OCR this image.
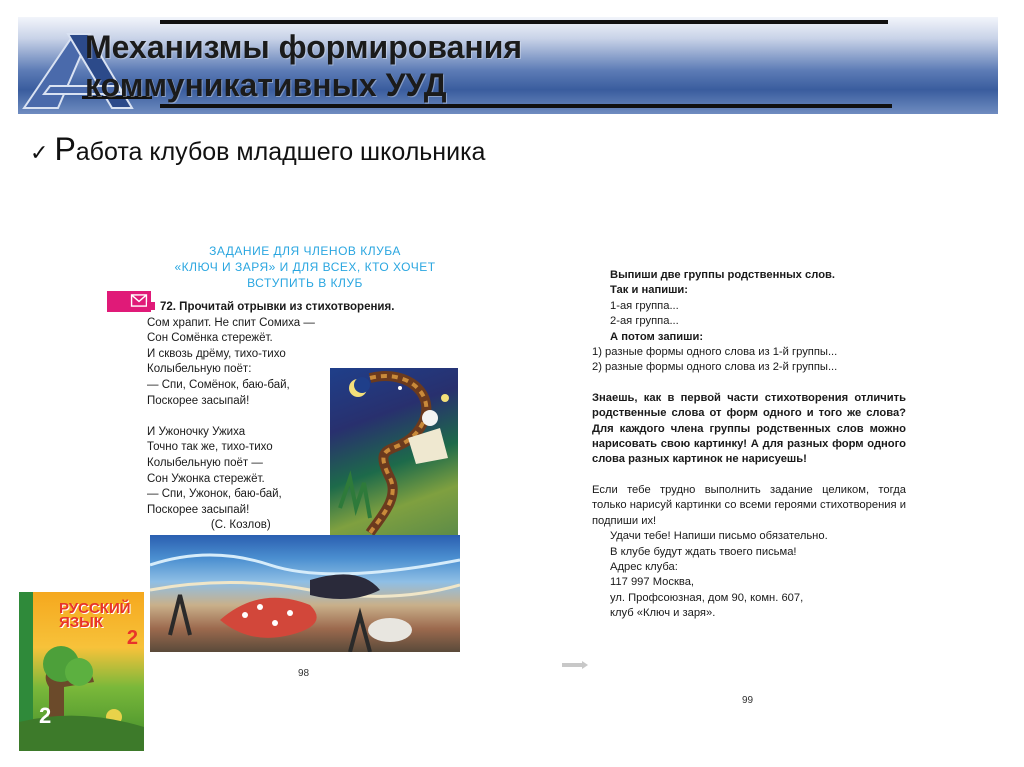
Механизмы формирования
коммуникативных УУД
✓ Работа клубов младшего школьника
ЗАДАНИЕ ДЛЯ ЧЛЕНОВ КЛУБА
«КЛЮЧ И ЗАРЯ» И ДЛЯ ВСЕХ, КТО ХОЧЕТ
ВСТУПИТЬ В КЛУБ
72. Прочитай отрывки из стихотворения.
Сом храпит. Не спит Сомиха —
Сон Сомёнка стережёт.
И сквозь дрёму, тихо-тихо
Колыбельную поёт:
— Спи, Сомёнок, баю-бай,
Поскорее засыпай!

И Ужоночку Ужиха
Точно так же, тихо-тихо
Колыбельную поёт —
Сон Ужонка стережёт.
— Спи, Ужонок, баю-бай,
Поскорее засыпай!
(С. Козлов)
98

Выпиши две группы родственных слов.

Так и напиши:

1-ая группа...

2-ая группа...

А потом запиши:

1) разные формы одного слова из 1-й группы...

2) разные формы одного слова из 2-й группы...

Знаешь, как в первой части стихотворения отличить родственные слова от форм одного и того же слова? Для каждого члена группы родственных слов можно нарисовать свою картинку! А для разных форм одного слова разных картинок не нарисуешь!

Если тебе трудно выполнить задание целиком, тогда только нарисуй картинки со всеми героями стихотворения и подпиши их!

Удачи тебе! Напиши письмо обязательно.

В клубе будут ждать твоего письма!

Адрес клуба:

117 997 Москва,

ул. Профсоюзная, дом 90, комн. 607,

клуб «Ключ и заря».

99
РУССКИЙ ЯЗЫК
2
2
